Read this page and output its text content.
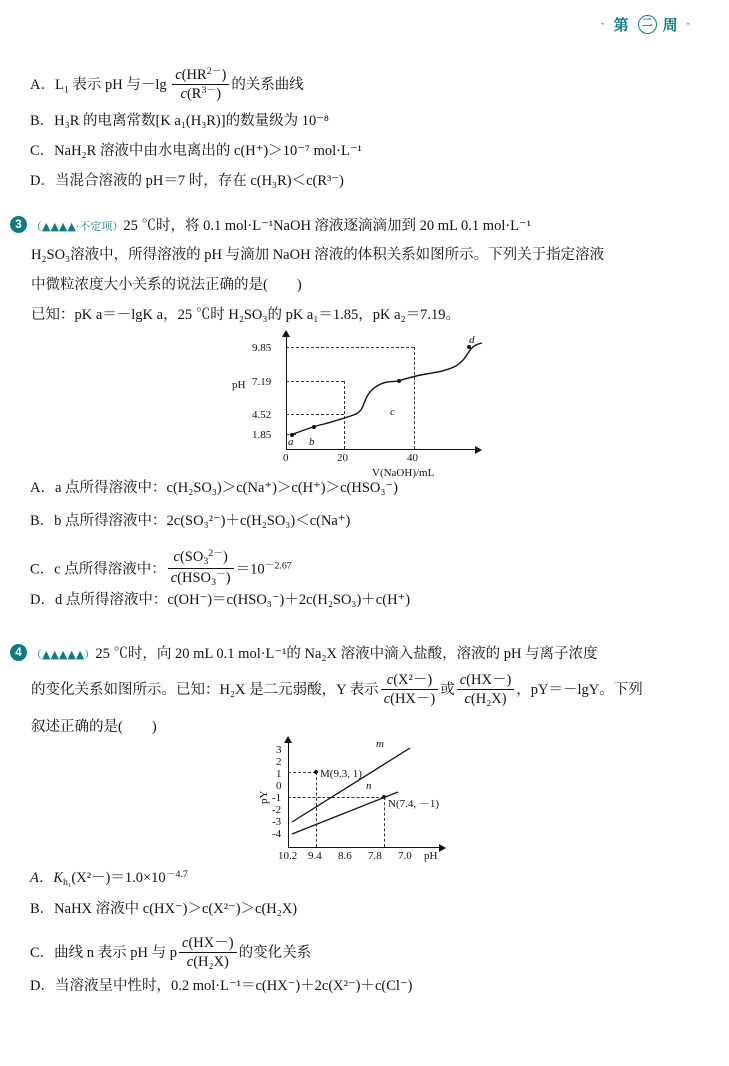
· 第 二 周 ·
A．$L_1$ 表示 pH 与$-\lg \frac{c(HR^{2-})}{c(R^{3-})}$ 的关系曲线
B．H₃R 的电离常数[K a₁(H₃R)]的数量级为 10⁻⁸
C．NaH₂R 溶液中由水电离出的 c(H⁺)＞10⁻⁷ mol·L⁻¹
D．当混合溶液的 pH＝7 时，存在 c(H₃R)＜c(R³⁻)
3 （▲▲▲▲·不定项）25 ℃时，将 0.1 mol·L⁻¹NaOH 溶液逐滴滴加到 20 mL 0.1 mol·L⁻¹
H₂SO₃溶液中，所得溶液的 pH 与滴加 NaOH 溶液的体积关系如图所示。下列关于指定溶液
中微粒浓度大小关系的说法正确的是(　　)
已知：pK a＝－lgK a，25 ℃时 H₂SO₃的 pK a₁＝1.85，pK a₂＝7.19。
9.85
7.19
4.52
1.85
pH
0	20	40
V(NaOH)/mL
a b
c
d
A．a 点所得溶液中：c(H₂SO₃)＞c(Na⁺)＞c(H⁺)＞c(HSO₃⁻)
B．b 点所得溶液中：2c(SO₃²⁻)＋c(H₂SO₃)＜c(Na⁺)
C．c 点所得溶液中： $\frac{c(SO_3^{2-})}{c(HSO_3^-)} =10^{-2.67}$
D．d 点所得溶液中：c(OH⁻)＝c(HSO₃⁻)＋2c(H₂SO₃)＋c(H⁺)
4 （▲▲▲▲▲）25 ℃时，向 20 mL 0.1 mol·L⁻¹的 Na₂X 溶液中滴入盐酸，溶液的 pH 与离子浓度
的变化关系如图所示。已知：H₂X 是二元弱酸，Y 表示 $\frac{\text{c(X²－)}}{c(HX-)}$ 或 $\frac{c(HX-)}{\text{c(H₂X)}}$ ，pY＝－lgY。下列
叙述正确的是(　　)
3
2
1
0
-1
-2
-3
-4
pY
10.2 9.4 8.6 7.8 7.0 pH
M(9.3, 1)
N(7.4, －1)
m
n
A．$K_{h_1}(X^2-)=1.0\times 10^{-4.7}$
B．NaHX 溶液中 c(HX⁻)＞c(X²⁻)＞c(H₂X)
C．曲线 n 表示 pH 与 p $\frac{c(HX-)}{\text{c(H₂X)}}$ 的变化关系
D．当溶液呈中性时，0.2 mol·L⁻¹＝c(HX⁻)＋2c(X²⁻)＋c(Cl⁻)
